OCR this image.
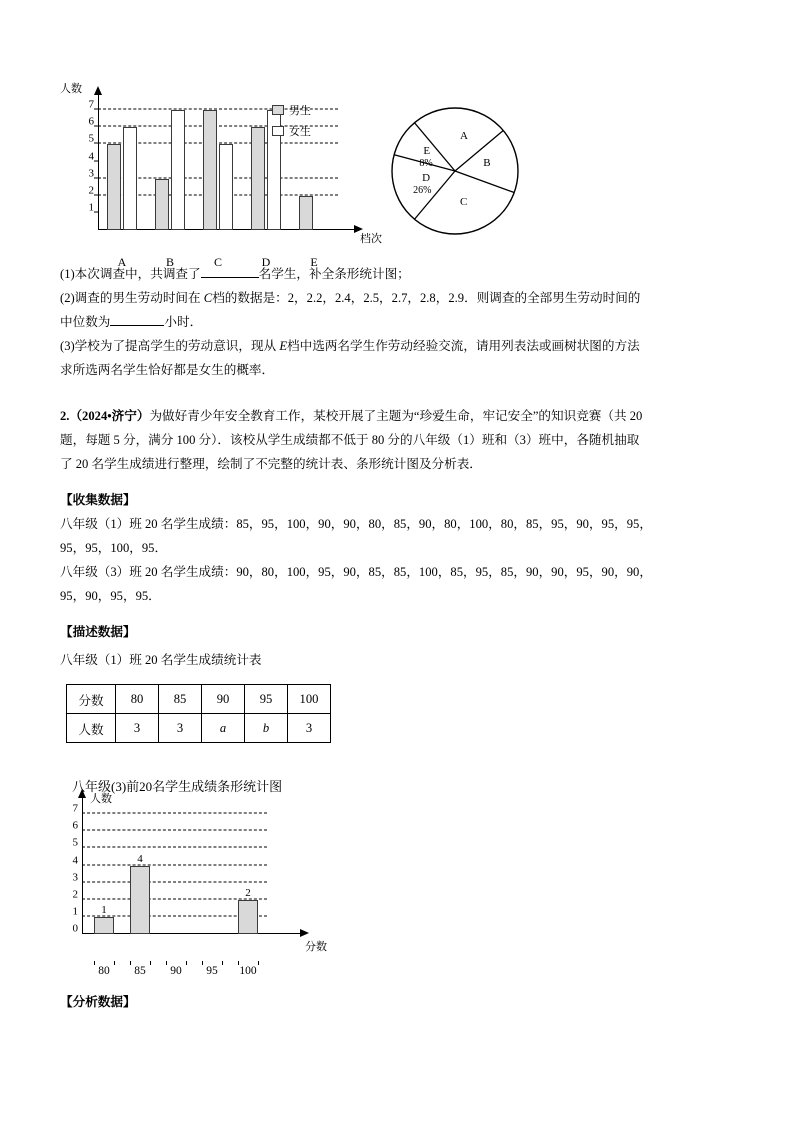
人数
档次
1
2
3
4
5
6
7
A	B	C	D	E
男生
女生	A
B
C
D
26%
E
8%
(1)本次调查中，共调查了	名学生，补全条形统计图；
(2)调查的男生劳动时间在 C档的数据是：2，2.2，2.4，2.5，2.7，2.8，2.9．则调查的全部男生劳动时间的
中位数为	小时．
(3)学校为了提高学生的劳动意识，现从 E档中选两名学生作劳动经验交流，请用列表法或画树状图的方法
求所选两名学生恰好都是女生的概率．
2.（2024•济宁）为做好青少年安全教育工作，某校开展了主题为“珍爱生命，牢记安全”的知识竞赛（共 20
题，每题 5 分，满分 100 分）．该校从学生成绩都不低于 80 分的八年级（1）班和（3）班中，各随机抽取
了 20 名学生成绩进行整理，绘制了不完整的统计表、条形统计图及分析表．
【收集数据】
八年级（1）班 20 名学生成绩：85，95，100，90，90，80，85，90，80，100，80，85，95，90，95，95，
95，95，100，95．
八年级（3）班 20 名学生成绩：90，80，100，95，90，85，85，100，85，95，85，90，90，95，90，90，
95，90，95，95．
【描述数据】
八年级（1）班 20 名学生成绩统计表
分数	80	85	90	95	100
人数	3	3	a	b	3
八年级(3)前20名学生成绩条形统计图
人数
分数
0
1
2
3
4
5
6
7
1
80
4
85 90 95
2
100
【分析数据】
